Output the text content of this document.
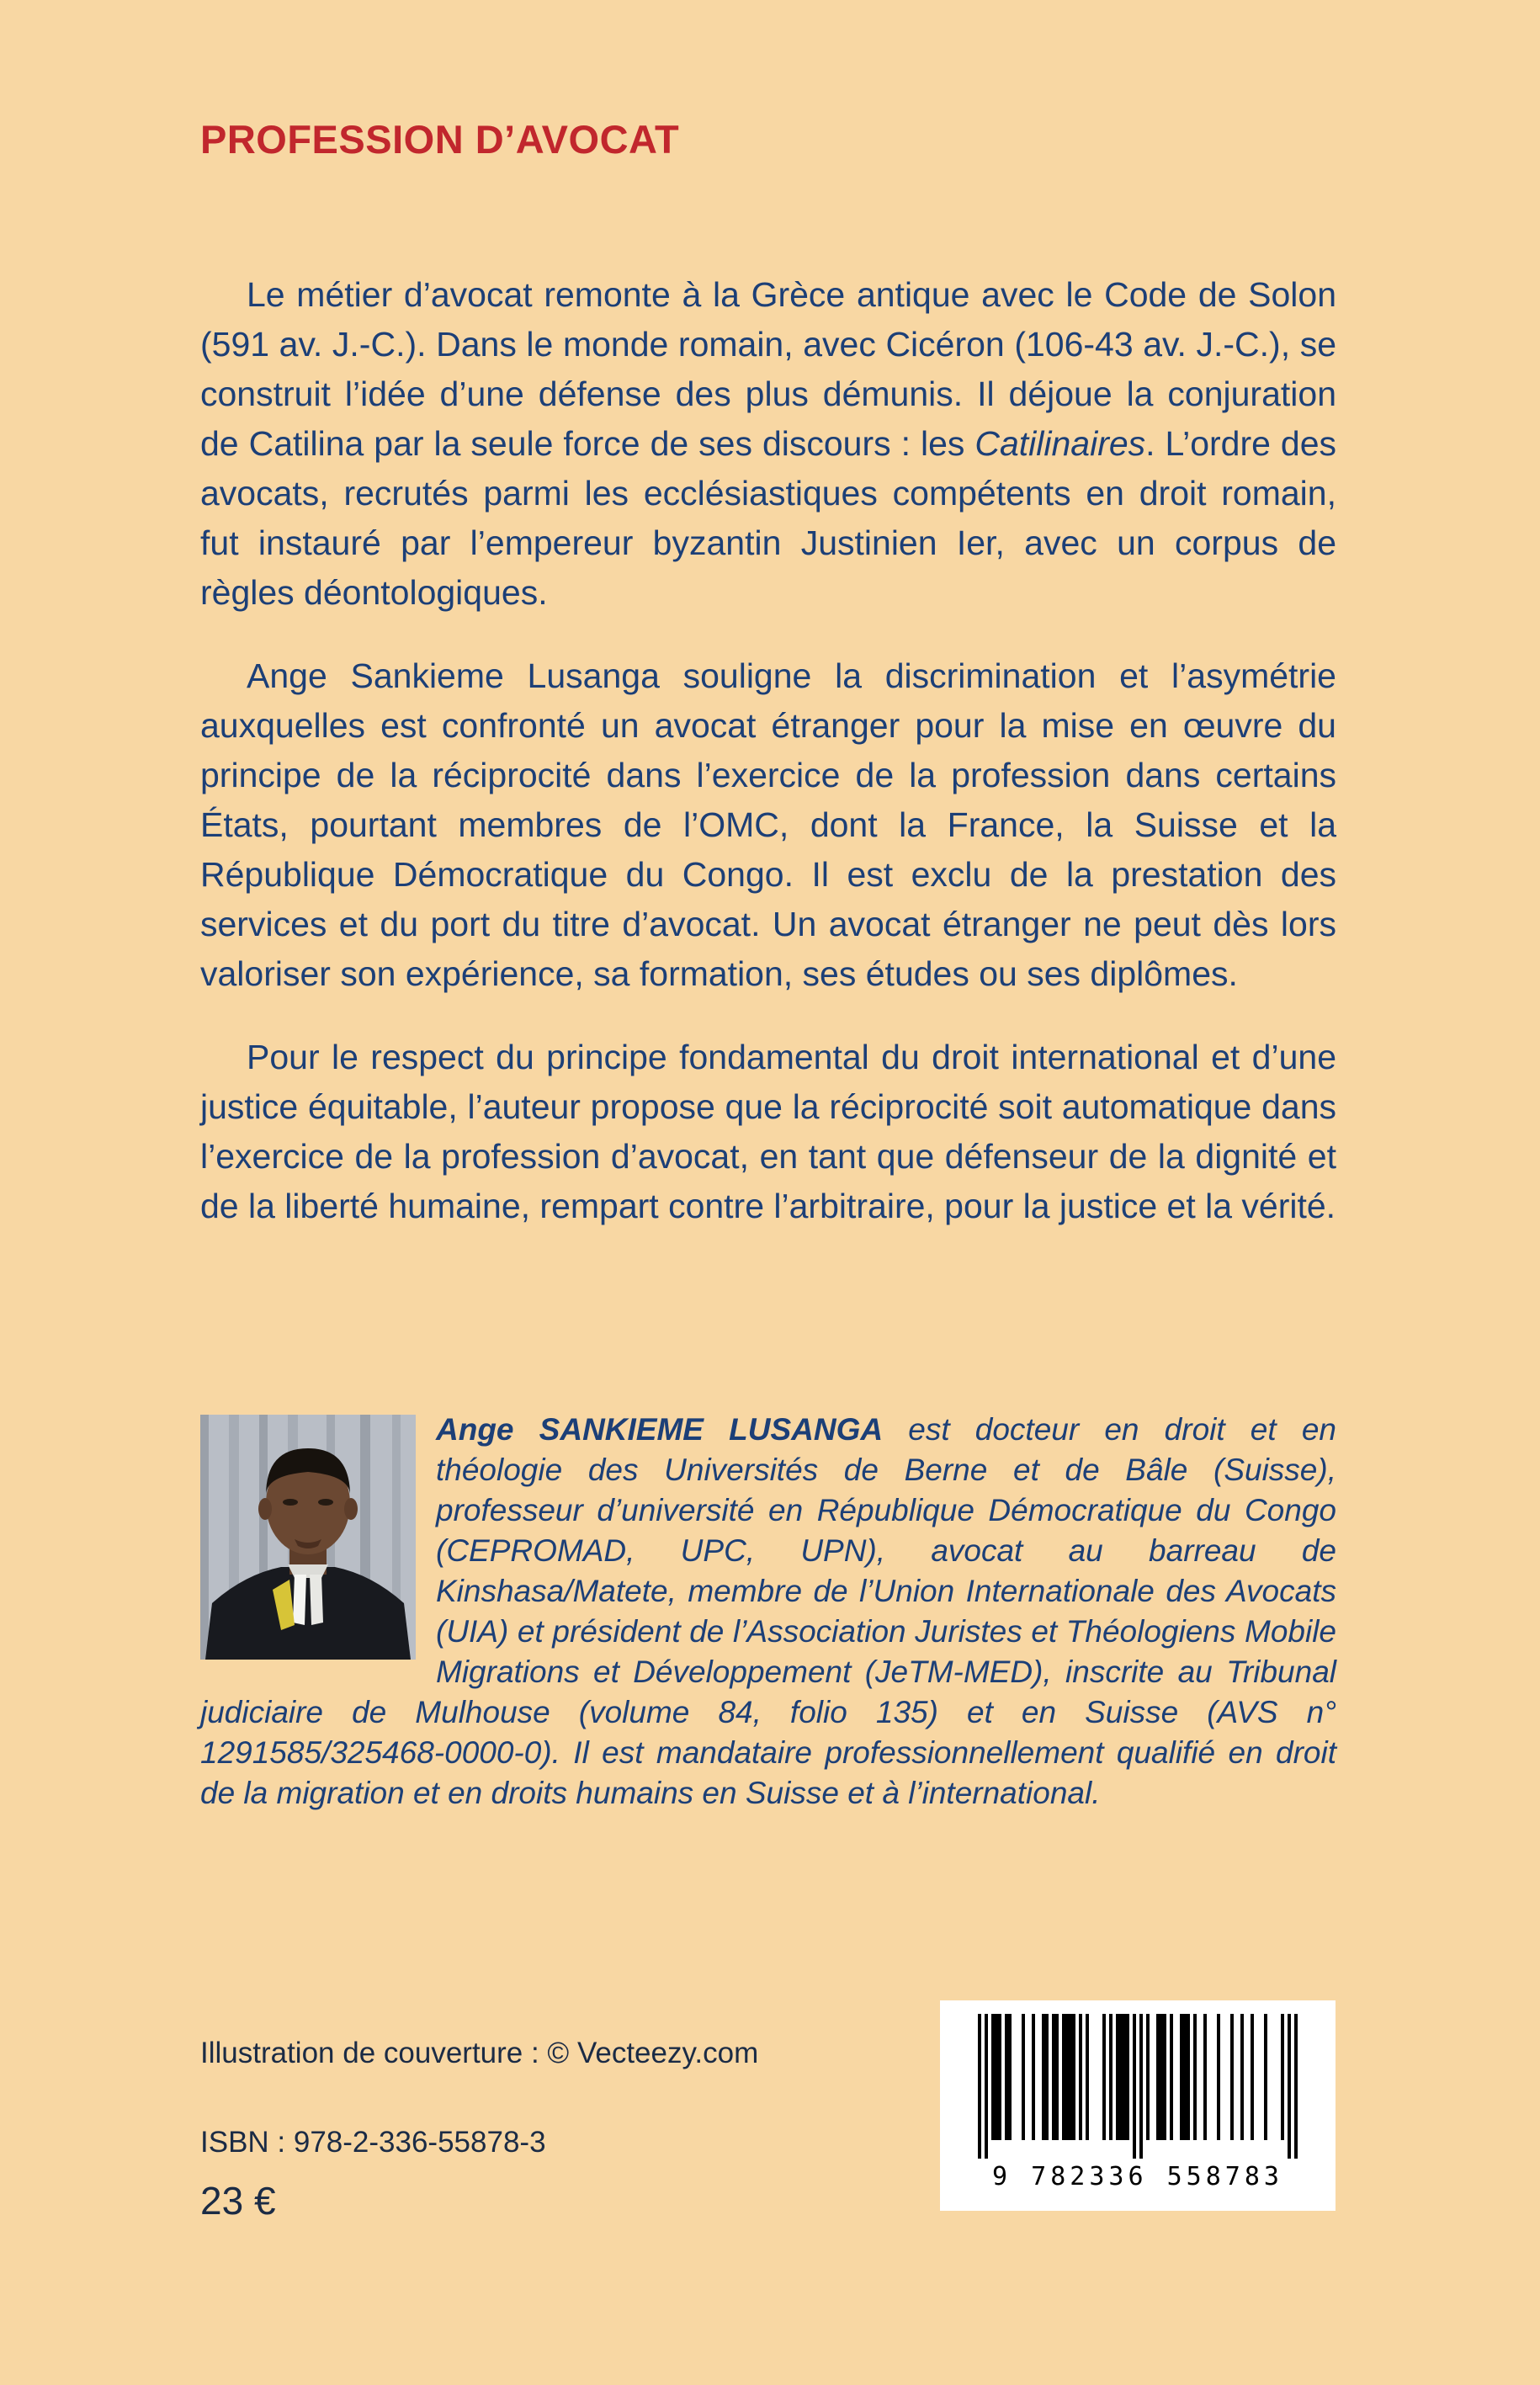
PROFESSION D’AVOCAT

Le métier d’avocat remonte à la Grèce antique avec le Code de Solon (591 av. J.-C.). Dans le monde romain, avec Cicéron (106-43 av. J.-C.), se construit l’idée d’une défense des plus démunis. Il déjoue la conjuration de Catilina par la seule force de ses discours : les Catilinaires. L’ordre des avocats, recrutés parmi les ecclésiastiques compétents en droit romain, fut instauré par l’empereur byzantin Justinien Ier, avec un corpus de règles déontologiques.

Ange Sankieme Lusanga souligne la discrimination et l’asymétrie auxquelles est confronté un avocat étranger pour la mise en œuvre du principe de la réciprocité dans l’exercice de la profession dans certains États, pourtant membres de l’OMC, dont la France, la Suisse et la République Démocratique du Congo. Il est exclu de la prestation des services et du port du titre d’avocat. Un avocat étranger ne peut dès lors valoriser son expérience, sa formation, ses études ou ses diplômes.

Pour le respect du principe fondamental du droit international et d’une justice équitable, l’auteur propose que la réciprocité soit automatique dans l’exercice de la profession d’avocat, en tant que défenseur de la dignité et de la liberté humaine, rempart contre l’arbitraire, pour la justice et la vérité.

Ange SANKIEME LUSANGA est docteur en droit et en théologie des Universités de Berne et de Bâle (Suisse), professeur d’université en République Démocratique du Congo (CEPROMAD, UPC, UPN), avocat au barreau de Kinshasa/Matete, membre de l’Union Internationale des Avocats (UIA) et président de l’Association Juristes et Théologiens Mobile Migrations et Développement (JeTM-MED), inscrite au Tribunal judiciaire de Mulhouse (volume 84, folio 135) et en Suisse (AVS n° 1291585/325468-0000-0). Il est mandataire professionnellement qualifié en droit de la migration et en droits humains en Suisse et à l’international.

Illustration de couverture : © Vecteezy.com
ISBN : 978-2-336-55878-3
23 €
9 782336 558783
